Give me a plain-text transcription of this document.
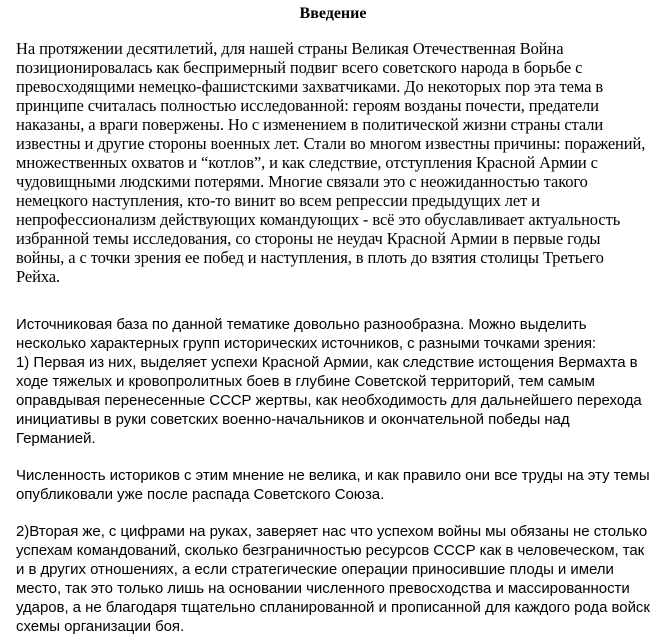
Введение

На протяжении десятилетий, для нашей страны Великая Отечественная Война

позиционировалась как беспримерный подвиг всего советского народа в борьбе с

превосходящими немецко-фашистскими захватчиками. До некоторых пор эта тема в

принципе считалась полностью исследованной: героям возданы почести, предатели

наказаны, а враги повержены. Но с изменением в политической жизни страны стали

известны и другие стороны военных лет. Стали во многом известны причины: поражений,

множественных охватов и “котлов”, и как следствие, отступления Красной Армии с

чудовищными людскими потерями. Многие связали это с неожиданностью такого

немецкого наступления, кто-то винит во всем репрессии предыдущих лет и

непрофессионализм действующих командующих - всё это обуславливает актуальность

избранной темы исследования, со стороны не неудач Красной Армии в первые годы

войны, а с точки зрения ее побед и наступления, в плоть до взятия столицы Третьего

Рейха.

Источниковая база по данной тематике довольно разнообразна. Можно выделить

несколько характерных групп исторических источников, с разными точками зрения:

1) Первая из них, выделяет успехи Красной Армии, как следствие истощения Вермахта в

ходе тяжелых и кровопролитных боев в глубине Советской территорий, тем самым

оправдывая перенесенные СССР жертвы, как необходимость для дальнейшего перехода

инициативы в руки советских военно-начальников и окончательной победы над

Германией.

Численность историков с этим мнение не велика, и как правило они все труды на эту темы

опубликовали уже после распада Советского Союза.

2)Вторая же, с цифрами на руках, заверяет нас что успехом войны мы обязаны не столько

успехам командований, сколько безграничностью ресурсов СССР как в человеческом, так

и в других отношениях, а если стратегические операции приносившие плоды и имели

место, так это только лишь на основании численного превосходства и массированности

ударов, а не благодаря тщательно спланированной и прописанной для каждого рода войск

схемы организации боя.
